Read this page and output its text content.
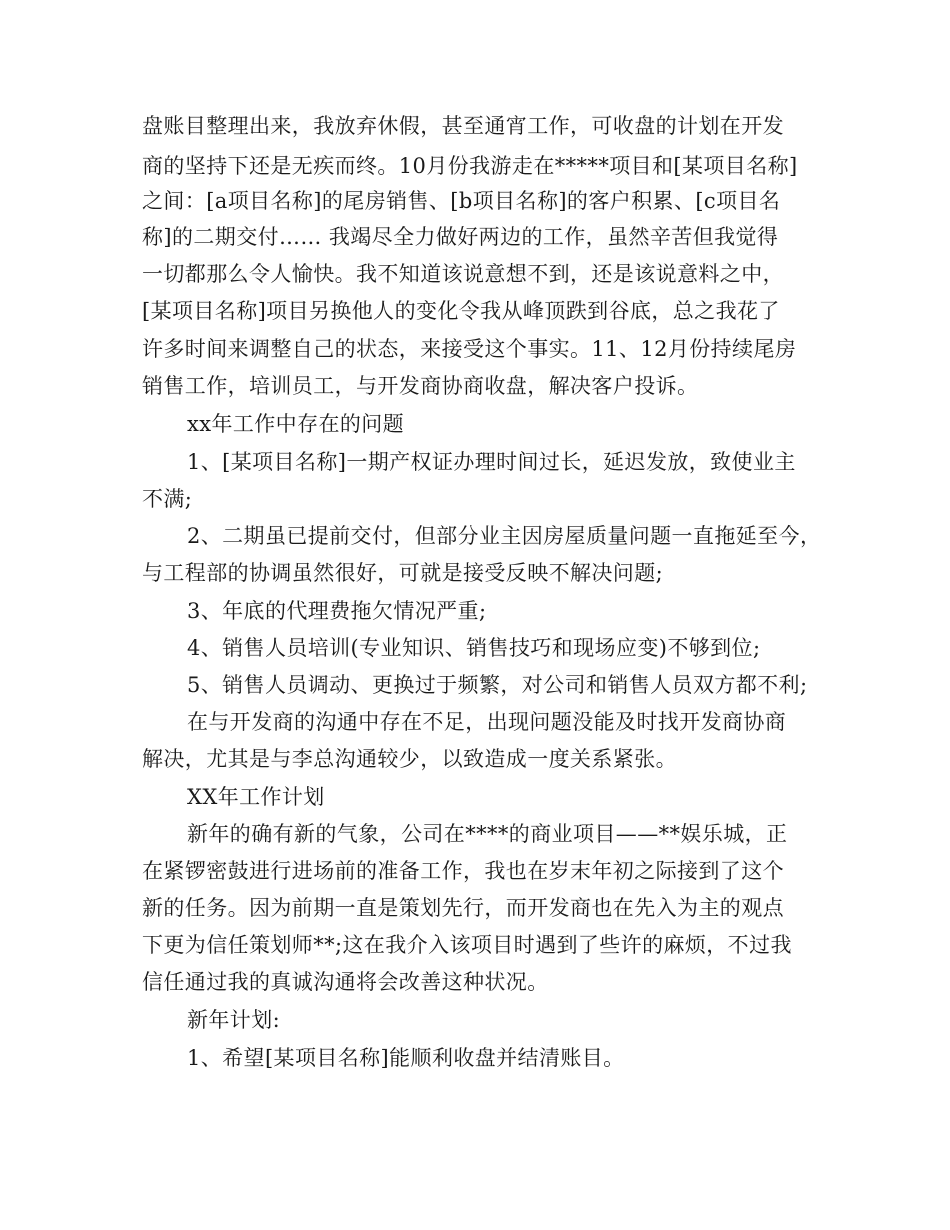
盘账目整理出来，我放弃休假，甚至通宵工作，可收盘的计划在开发
商的坚持下还是无疾而终。10月份我游走在*****项目和[某项目名称]
之间：[a项目名称]的尾房销售、[b项目名称]的客户积累、[c项目名
称]的二期交付…… 我竭尽全力做好两边的工作，虽然辛苦但我觉得
一切都那么令人愉快。我不知道该说意想不到，还是该说意料之中，
[某项目名称]项目另换他人的变化令我从峰顶跌到谷底，总之我花了
许多时间来调整自己的状态，来接受这个事实。11、12月份持续尾房
销售工作，培训员工，与开发商协商收盘，解决客户投诉。
xx年工作中存在的问题
1、[某项目名称]一期产权证办理时间过长，延迟发放，致使业主
不满;
2、二期虽已提前交付，但部分业主因房屋质量问题一直拖延至今，
与工程部的协调虽然很好，可就是接受反映不解决问题;
3、年底的代理费拖欠情况严重;
4、销售人员培训(专业知识、销售技巧和现场应变)不够到位;
5、销售人员调动、更换过于频繁，对公司和销售人员双方都不利;
在与开发商的沟通中存在不足，出现问题没能及时找开发商协商
解决，尤其是与李总沟通较少，以致造成一度关系紧张。
XX年工作计划
新年的确有新的气象，公司在****的商业项目——**娱乐城，正
在紧锣密鼓进行进场前的准备工作，我也在岁末年初之际接到了这个
新的任务。因为前期一直是策划先行，而开发商也在先入为主的观点
下更为信任策划师**;这在我介入该项目时遇到了些许的麻烦，不过我
信任通过我的真诚沟通将会改善这种状况。
新年计划:
1、希望[某项目名称]能顺利收盘并结清账目。
